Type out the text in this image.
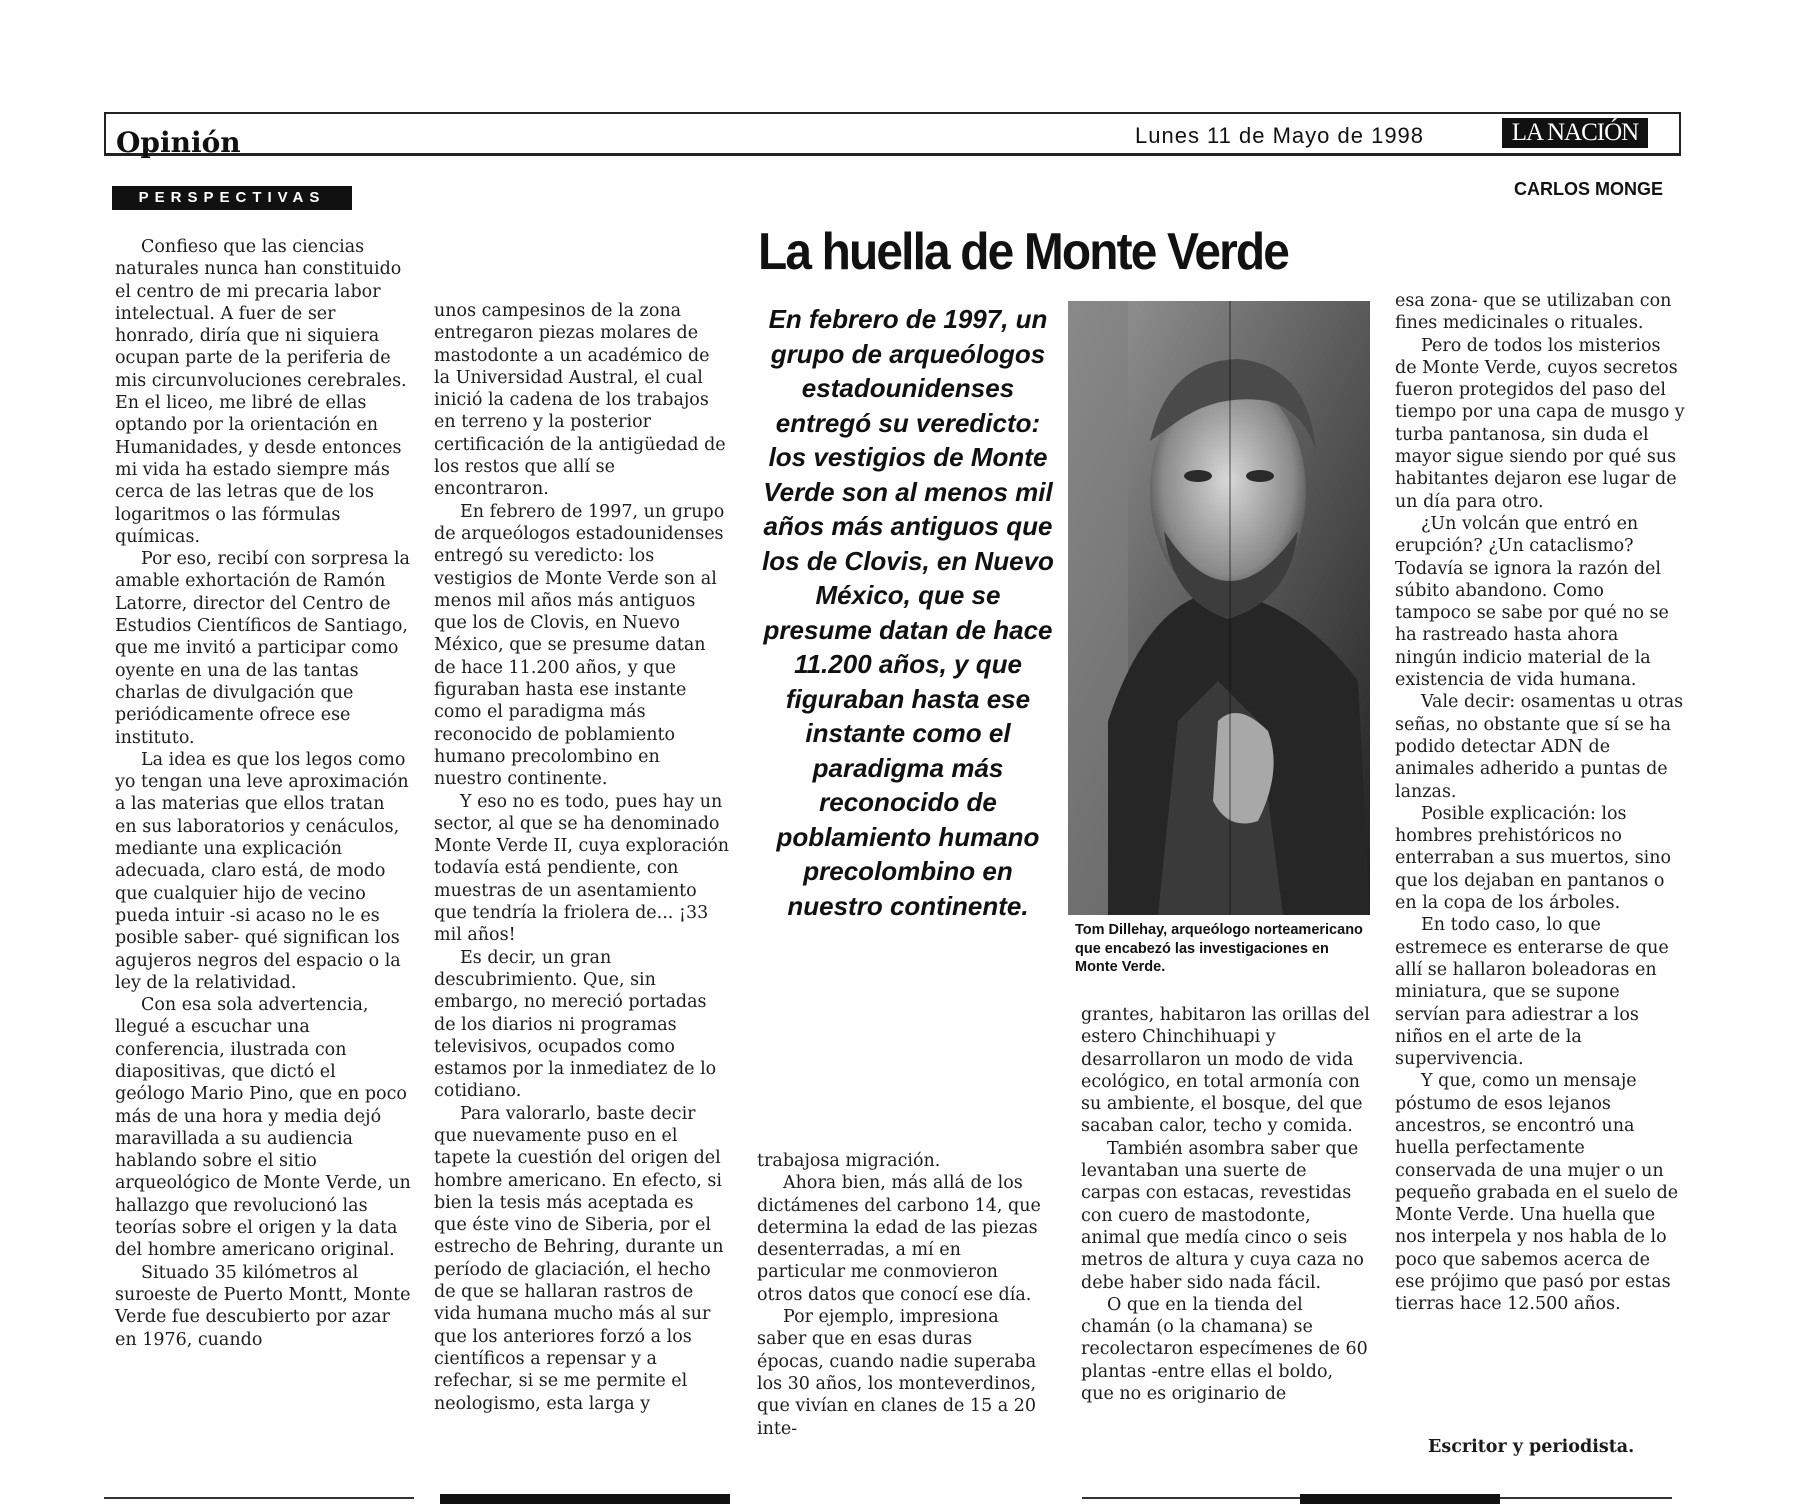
Opinión	Lunes 11 de Mayo de 1998	LA NACIÓN
PERSPECTIVAS	CARLOS MONGE
La huella de Monte Verde

Confieso que las ciencias naturales nunca han constituido el centro de mi precaria labor intelectual. A fuer de ser honrado, diría que ni siquiera ocupan parte de la periferia de mis circunvoluciones cerebrales. En el liceo, me libré de ellas optando por la orientación en Humanidades, y desde entonces mi vida ha estado siempre más cerca de las letras que de los logaritmos o las fórmulas químicas.

Por eso, recibí con sorpresa la amable exhortación de Ramón Latorre, director del Centro de Estudios Científicos de Santiago, que me invitó a participar como oyente en una de las tantas charlas de divulgación que periódicamente ofrece ese instituto.

La idea es que los legos como yo tengan una leve aproximación a las materias que ellos tratan en sus laboratorios y cenáculos, mediante una explicación adecuada, claro está, de modo que cualquier hijo de vecino pueda intuir -si acaso no le es posible saber- qué significan los agujeros negros del espacio o la ley de la relatividad.

Con esa sola advertencia, llegué a escuchar una conferencia, ilustrada con diapositivas, que dictó el geólogo Mario Pino, que en poco más de una hora y media dejó maravillada a su audiencia hablando sobre el sitio arqueológico de Monte Verde, un hallazgo que revolucionó las teorías sobre el origen y la data del hombre americano original.

Situado 35 kilómetros al suroeste de Puerto Montt, Monte Verde fue descubierto por azar en 1976, cuando

unos campesinos de la zona entregaron piezas molares de mastodonte a un académico de la Universidad Austral, el cual inició la cadena de los trabajos en terreno y la posterior certificación de la antigüedad de los restos que allí se encontraron.

En febrero de 1997, un grupo de arqueólogos estadounidenses entregó su veredicto: los vestigios de Monte Verde son al menos mil años más antiguos que los de Clovis, en Nuevo México, que se presume datan de hace 11.200 años, y que figuraban hasta ese instante como el paradigma más reconocido de poblamiento humano precolombino en nuestro continente.

Y eso no es todo, pues hay un sector, al que se ha denominado Monte Verde II, cuya exploración todavía está pendiente, con muestras de un asentamiento que tendría la friolera de... ¡33 mil años!

Es decir, un gran descubrimiento. Que, sin embargo, no mereció portadas de los diarios ni programas televisivos, ocupados como estamos por la inmediatez de lo cotidiano.

Para valorarlo, baste decir que nuevamente puso en el tapete la cuestión del origen del hombre americano. En efecto, si bien la tesis más aceptada es que éste vino de Siberia, por el estrecho de Behring, durante un período de glaciación, el hecho de que se hallaran rastros de vida humana mucho más al sur que los anteriores forzó a los científicos a repensar y a refechar, si se me permite el neologismo, esta larga y

En febrero de 1997, un grupo de arqueólogos estadounidenses entregó su veredicto: los vestigios de Monte Verde son al menos mil años más antiguos que los de Clovis, en Nuevo México, que se presume datan de hace 11.200 años, y que figuraban hasta ese instante como el paradigma más reconocido de poblamiento humano precolombino en nuestro continente.
Tom Dillehay, arqueólogo norteamericano que encabezó las investigaciones en Monte Verde.

trabajosa migración.

Ahora bien, más allá de los dictámenes del carbono 14, que determina la edad de las piezas desenterradas, a mí en particular me conmovieron otros datos que conocí ese día.

Por ejemplo, impresiona saber que en esas duras épocas, cuando nadie superaba los 30 años, los monteverdinos, que vivían en clanes de 15 a 20 inte-

grantes, habitaron las orillas del estero Chinchihuapi y desarrollaron un modo de vida ecológico, en total armonía con su ambiente, el bosque, del que sacaban calor, techo y comida.

También asombra saber que levantaban una suerte de carpas con estacas, revestidas con cuero de mastodonte, animal que medía cinco o seis metros de altura y cuya caza no debe haber sido nada fácil.

O que en la tienda del chamán (o la chamana) se recolectaron especímenes de 60 plantas -entre ellas el boldo, que no es originario de

esa zona- que se utilizaban con fines medicinales o rituales.

Pero de todos los misterios de Monte Verde, cuyos secretos fueron protegidos del paso del tiempo por una capa de musgo y turba pantanosa, sin duda el mayor sigue siendo por qué sus habitantes dejaron ese lugar de un día para otro.

¿Un volcán que entró en erupción? ¿Un cataclismo? Todavía se ignora la razón del súbito abandono. Como tampoco se sabe por qué no se ha rastreado hasta ahora ningún indicio material de la existencia de vida humana.

Vale decir: osamentas u otras señas, no obstante que sí se ha podido detectar ADN de animales adherido a puntas de lanzas.

Posible explicación: los hombres prehistóricos no enterraban a sus muertos, sino que los dejaban en pantanos o en la copa de los árboles.

En todo caso, lo que estremece es enterarse de que allí se hallaron boleadoras en miniatura, que se supone servían para adiestrar a los niños en el arte de la supervivencia.

Y que, como un mensaje póstumo de esos lejanos ancestros, se encontró una huella perfectamente conservada de una mujer o un pequeño grabada en el suelo de Monte Verde. Una huella que nos interpela y nos habla de lo poco que sabemos acerca de ese prójimo que pasó por estas tierras hace 12.500 años.

Escritor y periodista.
